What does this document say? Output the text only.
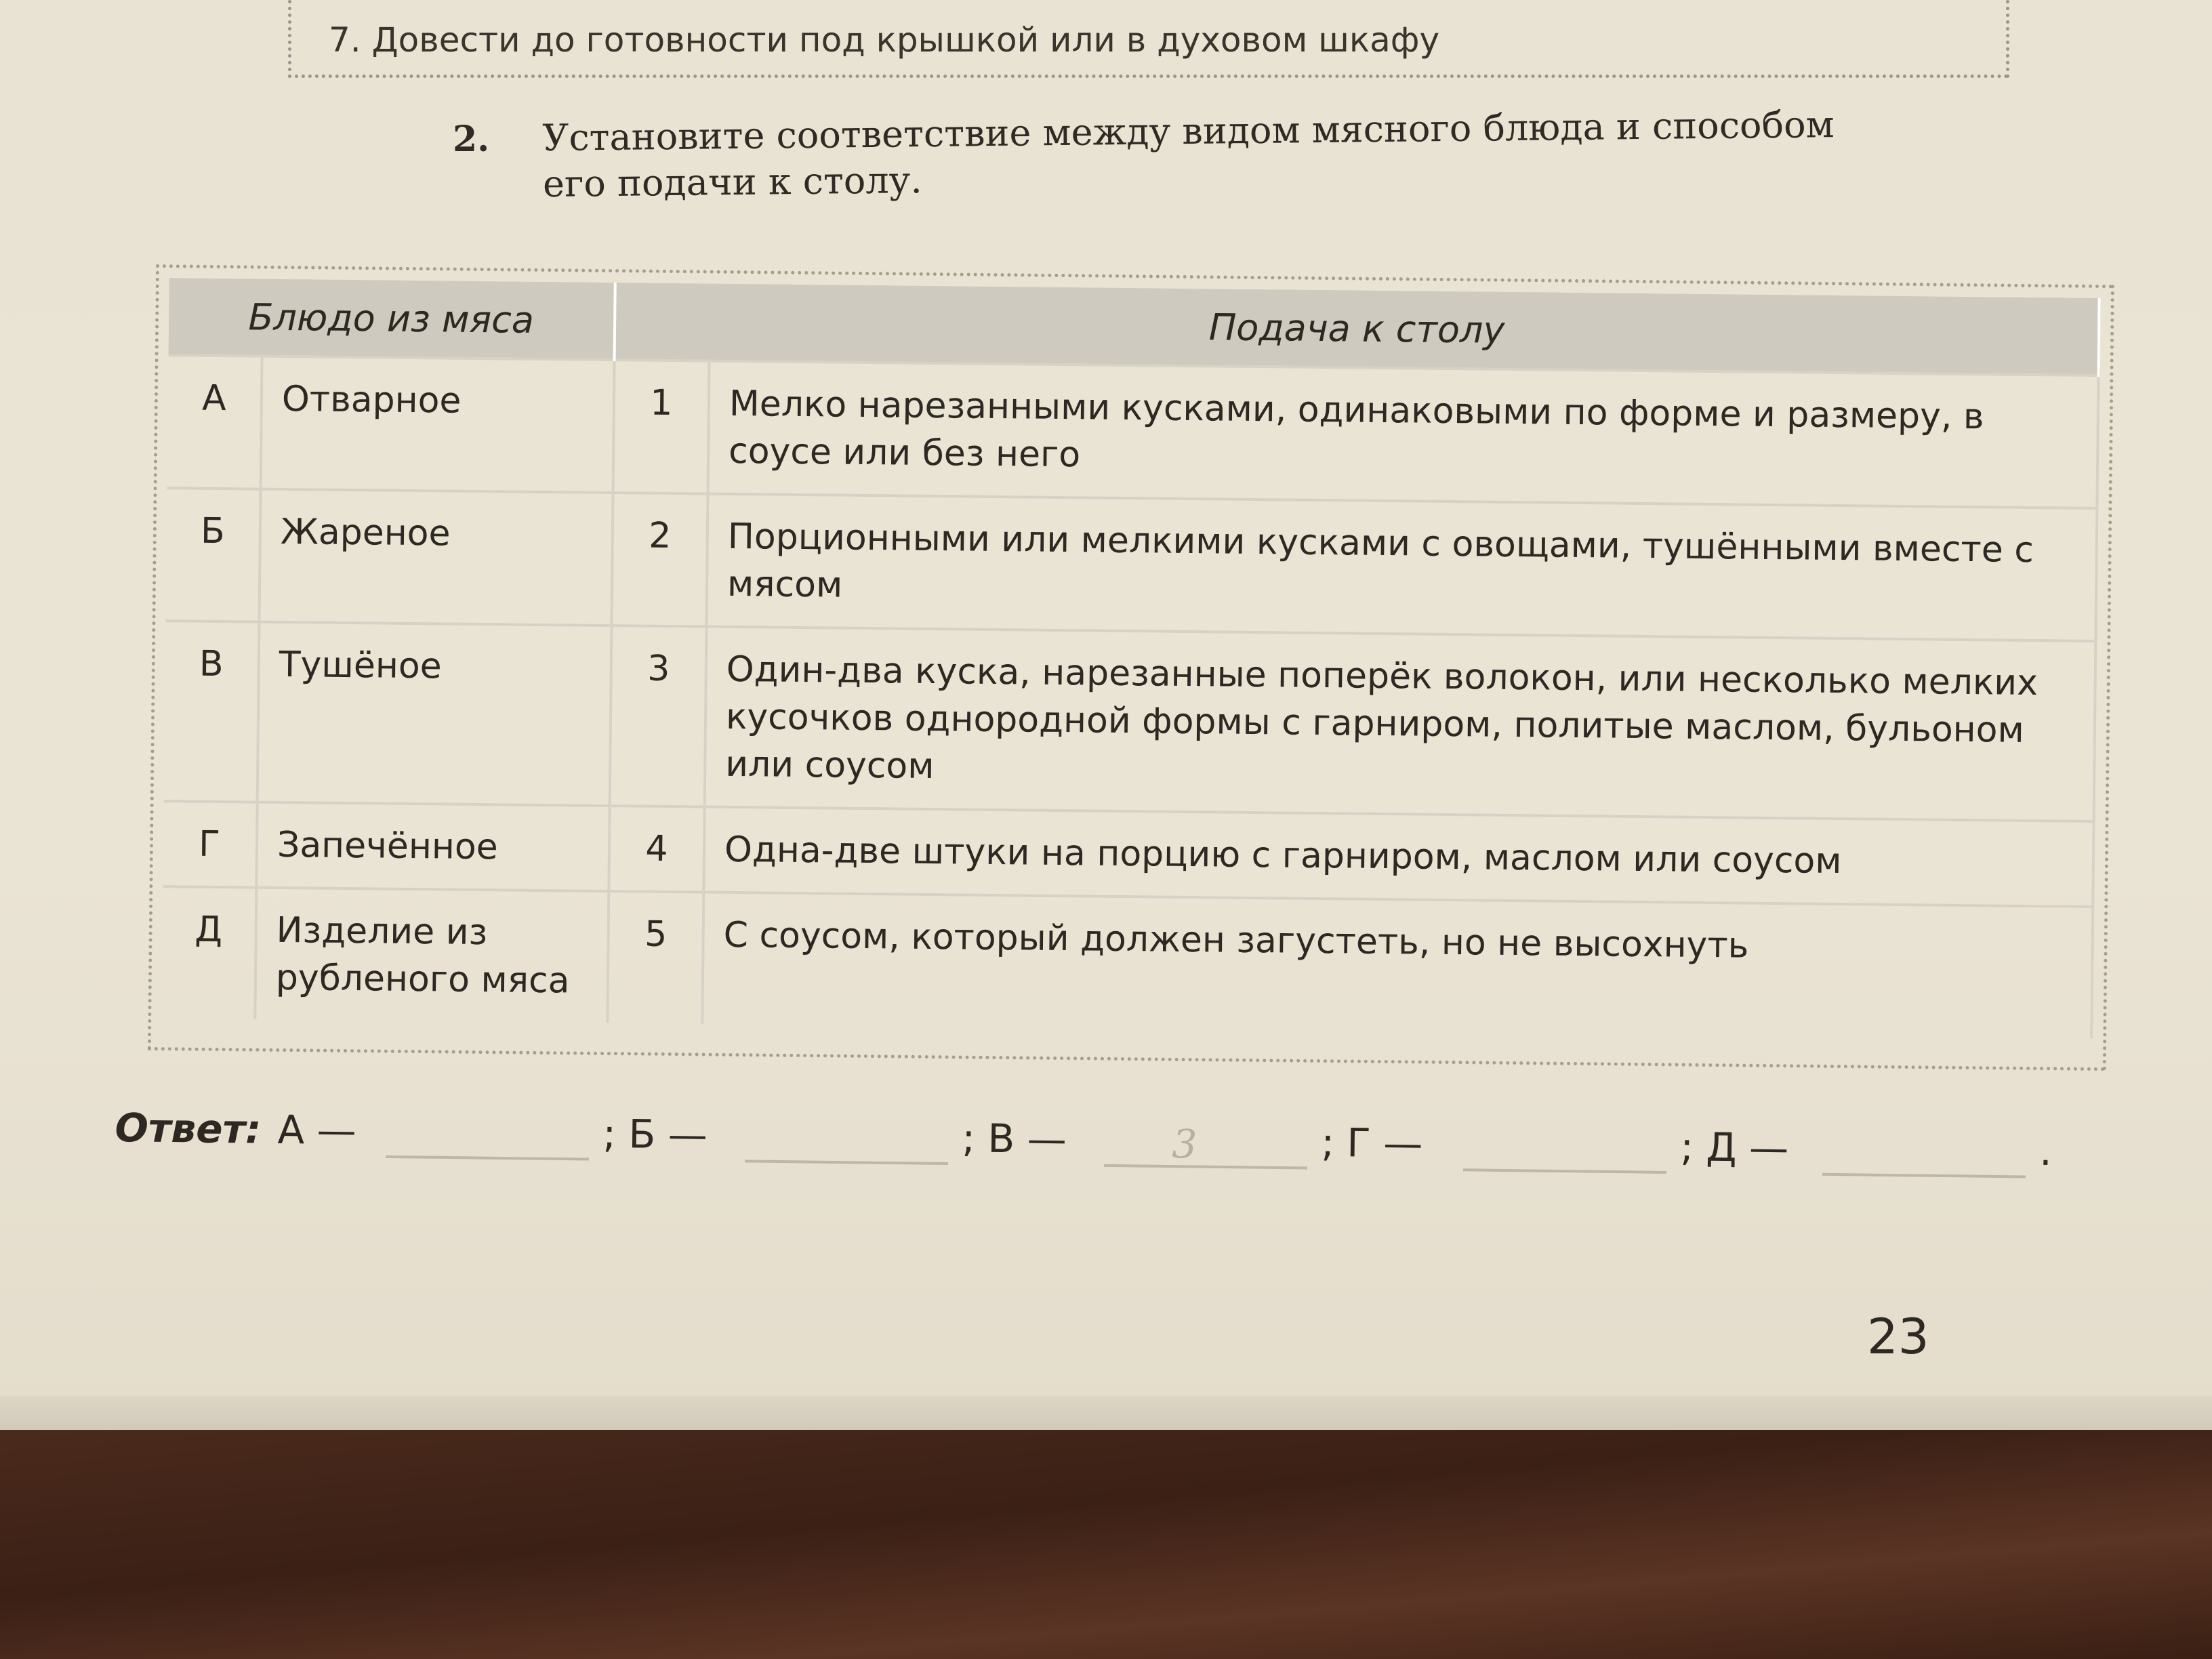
7. Довести до готовности под крышкой или в духовом шкафу
2. Установите соответствие между видом мясного блюда и способом
его подачи к столу.
Блюдо из мяса		Подача к столу	
А	Отварное	1	Мелко нарезанными кусками, одинаковыми по форме и размеру, в соусе или без него
Б	Жареное	2	Порционными или мелкими кусками с овощами, тушёнными вместе с мясом
В	Тушёное	3	Один-два куска, нарезанные поперёк волокон, или несколько мелких кусочков однородной формы с гарниром, политые маслом, бульоном или соусом
Г	Запечённое	4	Одна-две штуки на порцию с гарниром, маслом или соусом
Д	Изделие из рубленого мяса	5	С соусом, который должен загустеть, но не высохнуть
Ответ: А —	; Б —	; В —	3	; Г —	; Д —	.
23
